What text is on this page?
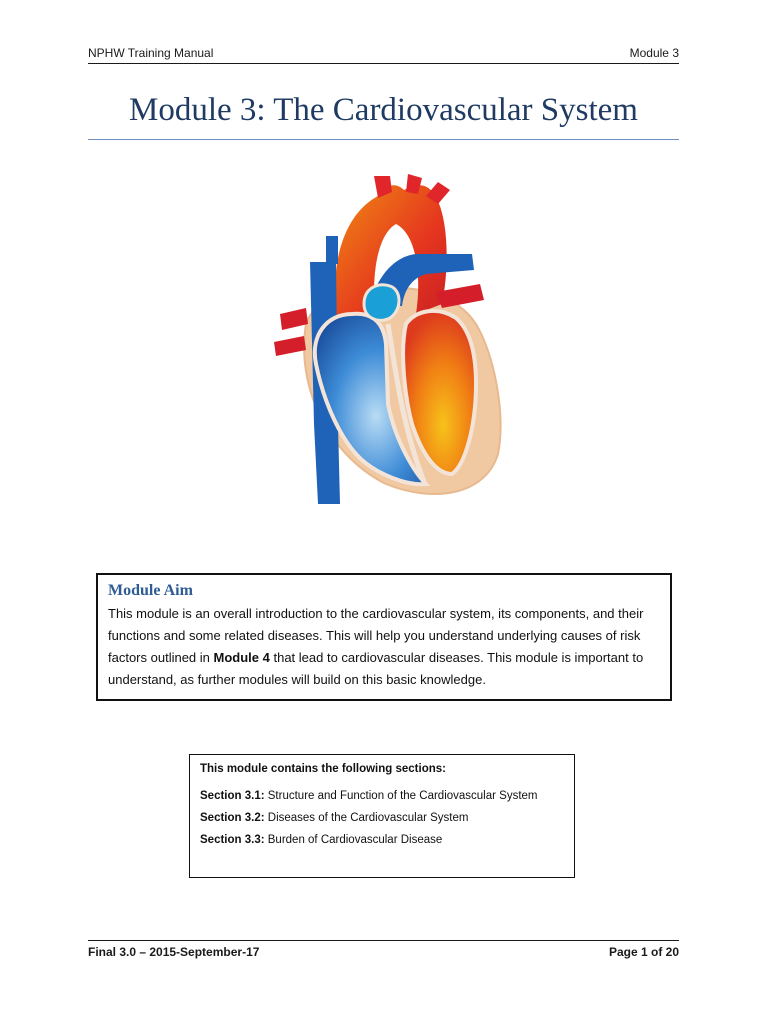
NPHW Training Manual	Module 3
Module 3: The Cardiovascular System
Module Aim

This module is an overall introduction to the cardiovascular system, its components, and their functions and some related diseases. This will help you understand underlying causes of risk factors outlined in Module 4 that lead to cardiovascular diseases. This module is important to understand, as further modules will build on this basic knowledge.

This module contains the following sections:

Section 3.1: Structure and Function of the Cardiovascular System

Section 3.2: Diseases of the Cardiovascular System

Section 3.3: Burden of Cardiovascular Disease

Final 3.0 – 2015-September-17	Page 1 of 20
